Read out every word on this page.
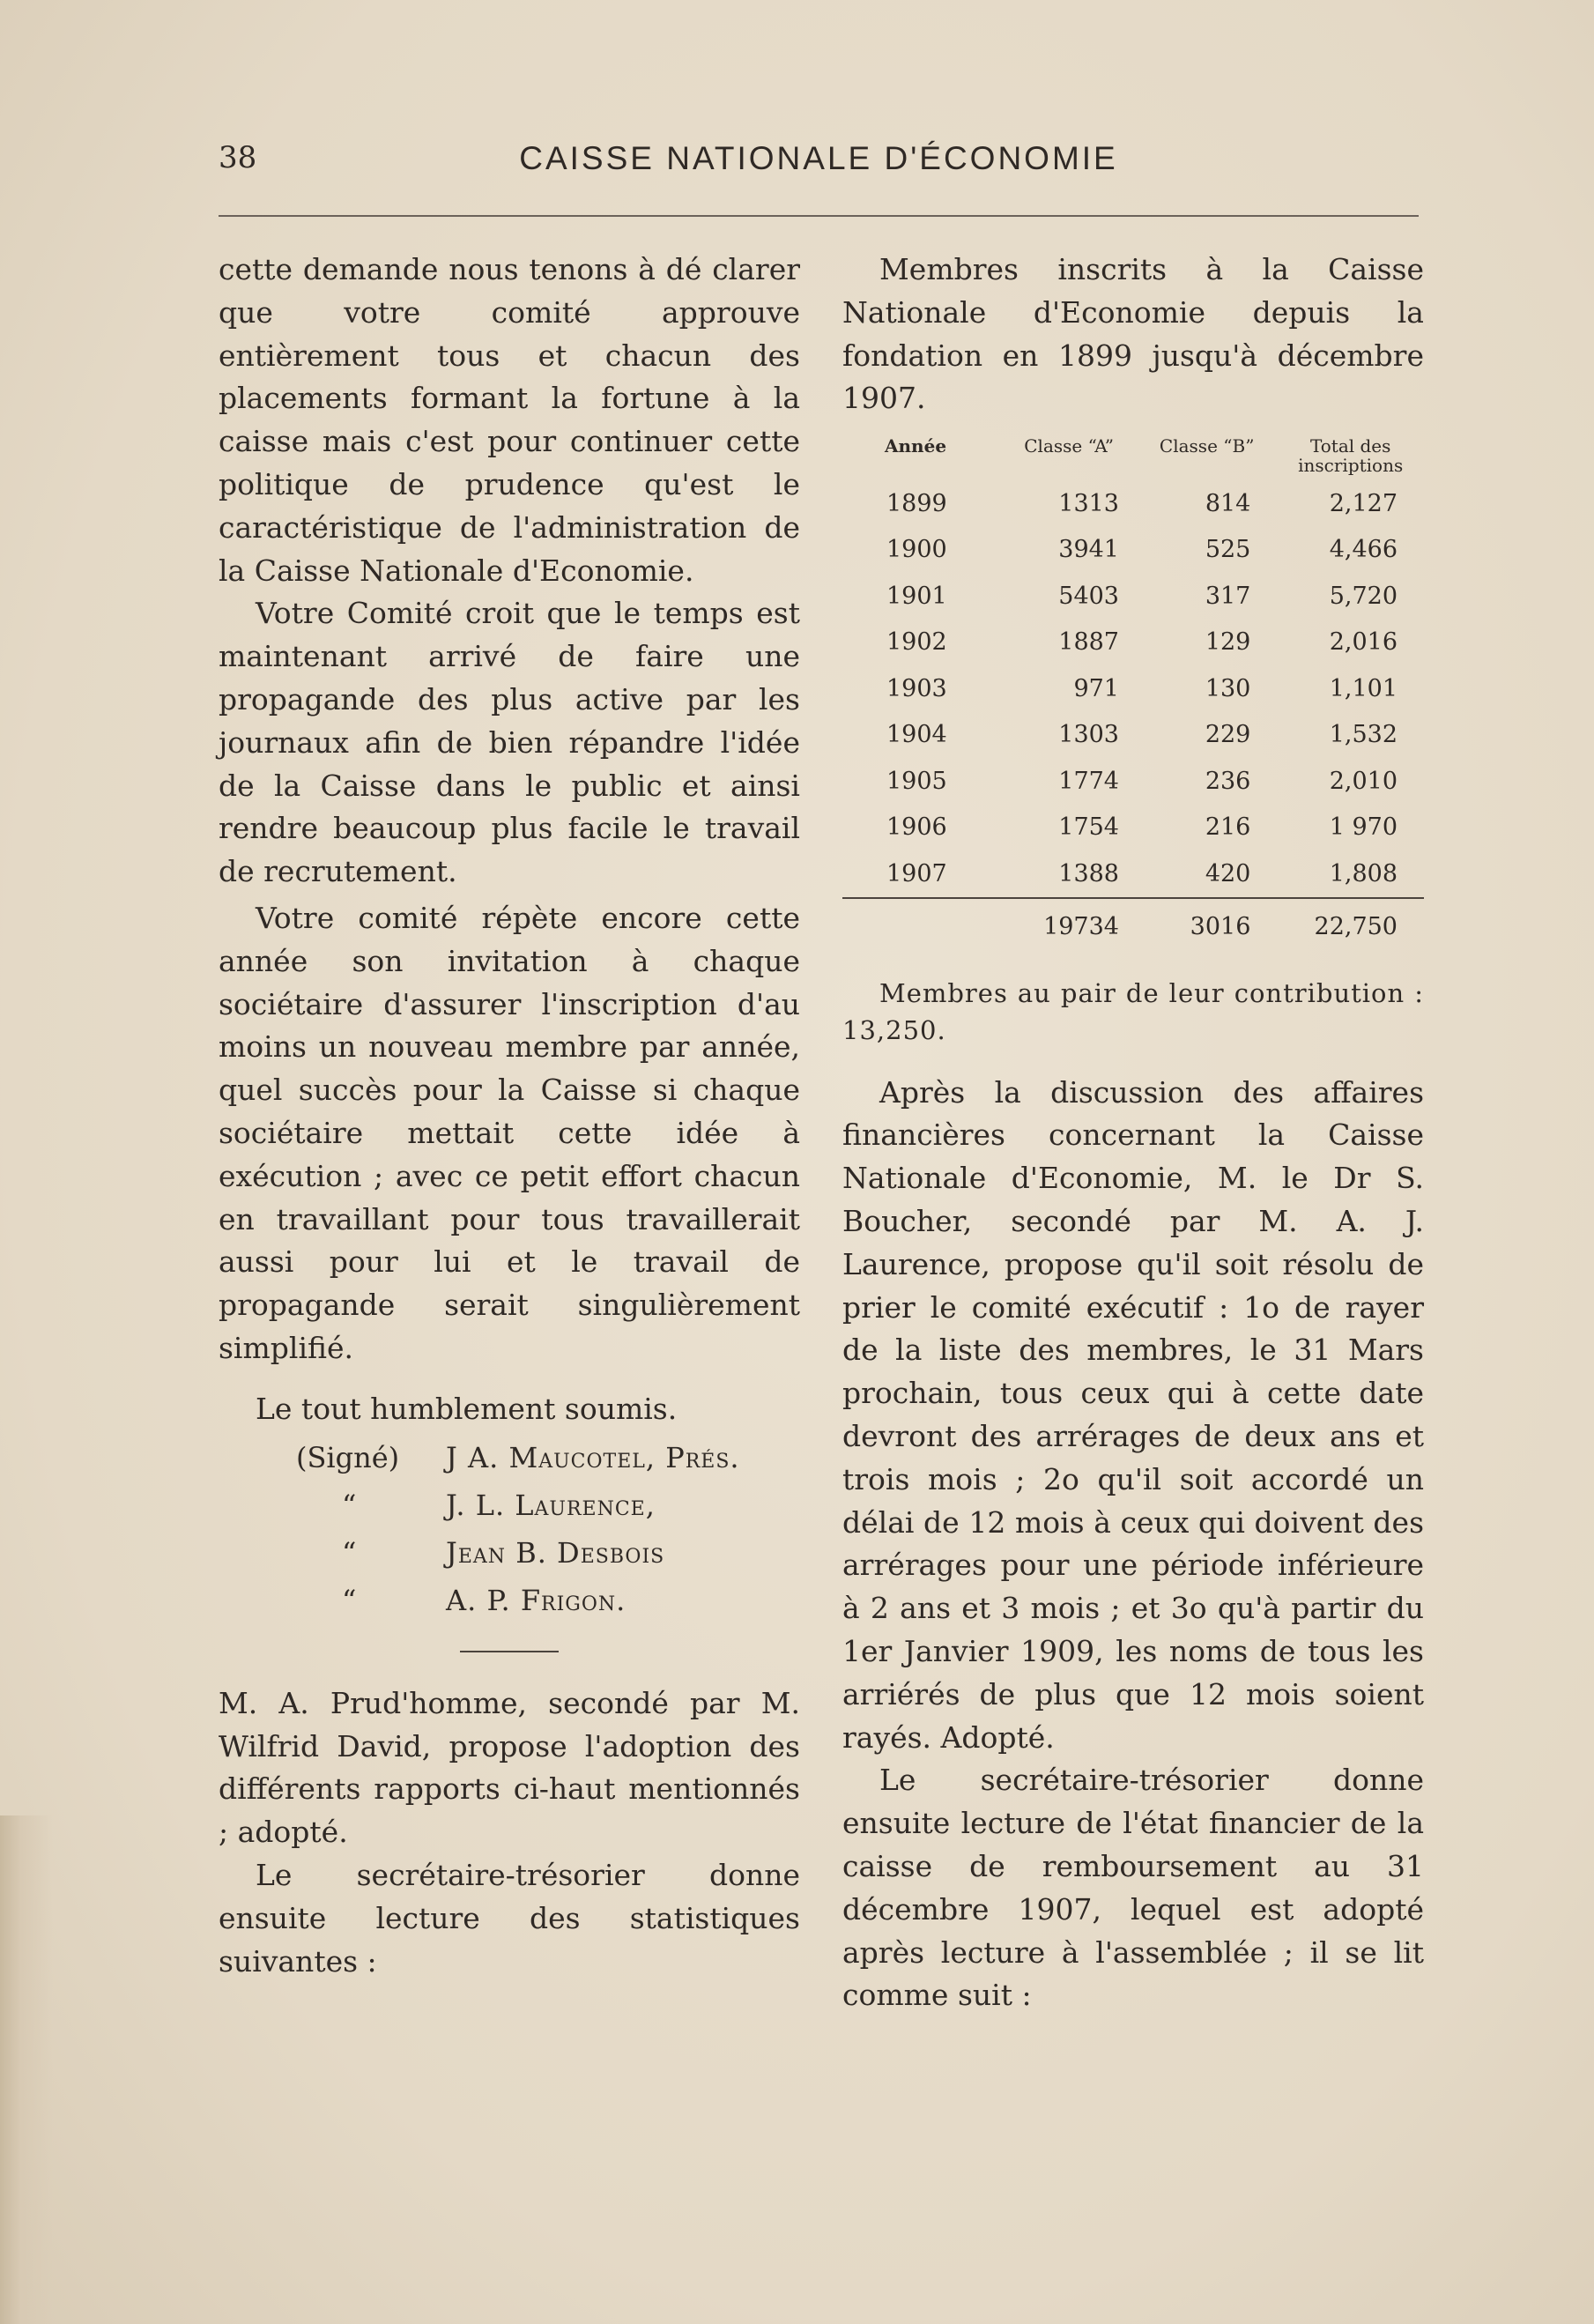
38	CAISSE NATIONALE D'ÉCONOMIE

cette demande nous tenons à dé clarer que votre comité approuve entièrement tous et chacun des placements formant la fortune à la caisse mais c'est pour continuer cette politique de prudence qu'est le caractéristique de l'administration de la Caisse Nationale d'Economie.

Votre Comité croit que le temps est maintenant arrivé de faire une propagande des plus active par les journaux afin de bien répandre l'idée de la Caisse dans le public et ainsi rendre beaucoup plus facile le travail de recrutement.

Votre comité répète encore cette année son invitation à chaque sociétaire d'assurer l'inscription d'au moins un nouveau membre par année, quel succès pour la Caisse si chaque sociétaire mettait cette idée à exécution ; avec ce petit effort chacun en travaillant pour tous travaillerait aussi pour lui et le travail de propagande serait singulièrement simplifié.

Le tout humblement soumis.
(Signé) J A. Maucotel, Prés.
“	J. L. Laurence,
“	Jean B. Desbois
“	A. P. Frigon.

M. A. Prud'homme, secondé par M. Wilfrid David, propose l'adoption des différents rapports ci-haut mentionnés ; adopté.

Le secrétaire-trésorier donne ensuite lecture des statistiques suivantes :

Membres inscrits à la Caisse Nationale d'Economie depuis la fondation en 1899 jusqu'à décembre 1907.

Année	Classe “A”	Classe “B”	Total des inscriptions
1899	1313	814	2,127
1900	3941	525	4,466
1901	5403	317	5,720
1902	1887	129	2,016
1903	971	130	1,101
1904	1303	229	1,532
1905	1774	236	2,010
1906	1754	216	1 970
1907	1388	420	1,808
	19734	3016	22,750

Membres au pair de leur contribution : 13,250.

Après la discussion des affaires financières concernant la Caisse Nationale d'Economie, M. le Dr S. Boucher, secondé par M. A. J. Laurence, propose qu'il soit résolu de prier le comité exécutif : 1o de rayer de la liste des membres, le 31 Mars prochain, tous ceux qui à cette date devront des arrérages de deux ans et trois mois ; 2o qu'il soit accordé un délai de 12 mois à ceux qui doivent des arrérages pour une période inférieure à 2 ans et 3 mois ; et 3o qu'à partir du 1er Janvier 1909, les noms de tous les arriérés de plus que 12 mois soient rayés. Adopté.

Le secrétaire-trésorier donne ensuite lecture de l'état financier de la caisse de remboursement au 31 décembre 1907, lequel est adopté après lecture à l'assemblée ; il se lit comme suit :
